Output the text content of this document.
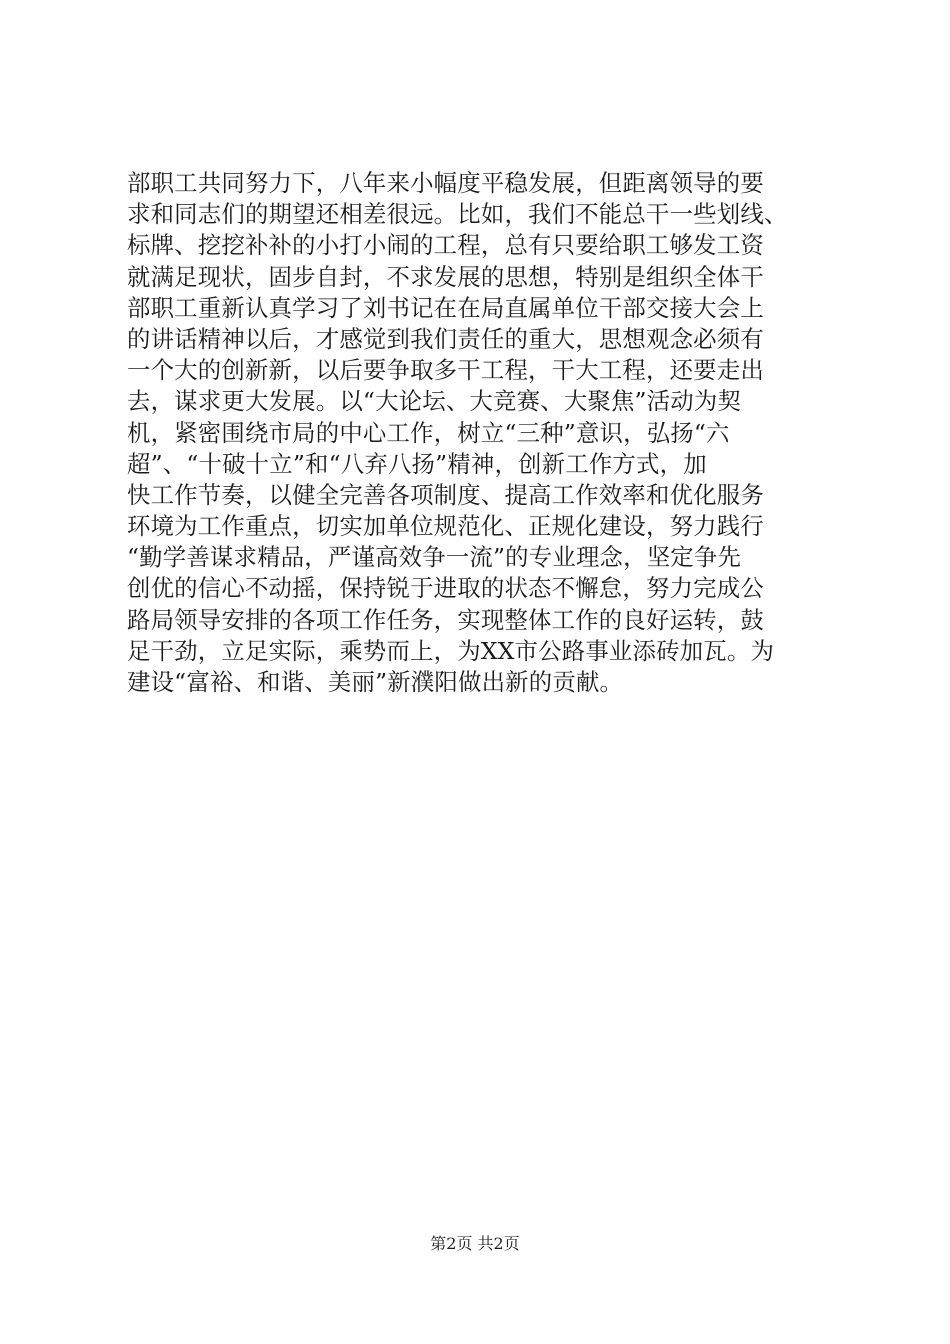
部职工共同努力下，八年来小幅度平稳发展，但距离领导的要
求和同志们的期望还相差很远。比如，我们不能总干一些划线、
标牌、挖挖补补的小打小闹的工程，总有只要给职工够发工资
就满足现状，固步自封，不求发展的思想，特别是组织全体干
部职工重新认真学习了刘书记在在局直属单位干部交接大会上
的讲话精神以后，才感觉到我们责任的重大，思想观念必须有
一个大的创新新，以后要争取多干工程，干大工程，还要走出
去，谋求更大发展。以“大论坛、大竞赛、大聚焦”活动为契
机，紧密围绕市局的中心工作，树立“三种”意识，弘扬“六
超”、“十破十立”和“八弃八扬”精神，创新工作方式，加
快工作节奏，以健全完善各项制度、提高工作效率和优化服务
环境为工作重点，切实加单位规范化、正规化建设，努力践行
“勤学善谋求精品，严谨高效争一流”的专业理念，坚定争先
创优的信心不动摇，保持锐于进取的状态不懈怠，努力完成公
路局领导安排的各项工作任务，实现整体工作的良好运转，鼓
足干劲，立足实际，乘势而上，为XX市公路事业添砖加瓦。为
建设“富裕、和谐、美丽”新濮阳做出新的贡献。
第2页 共2页
